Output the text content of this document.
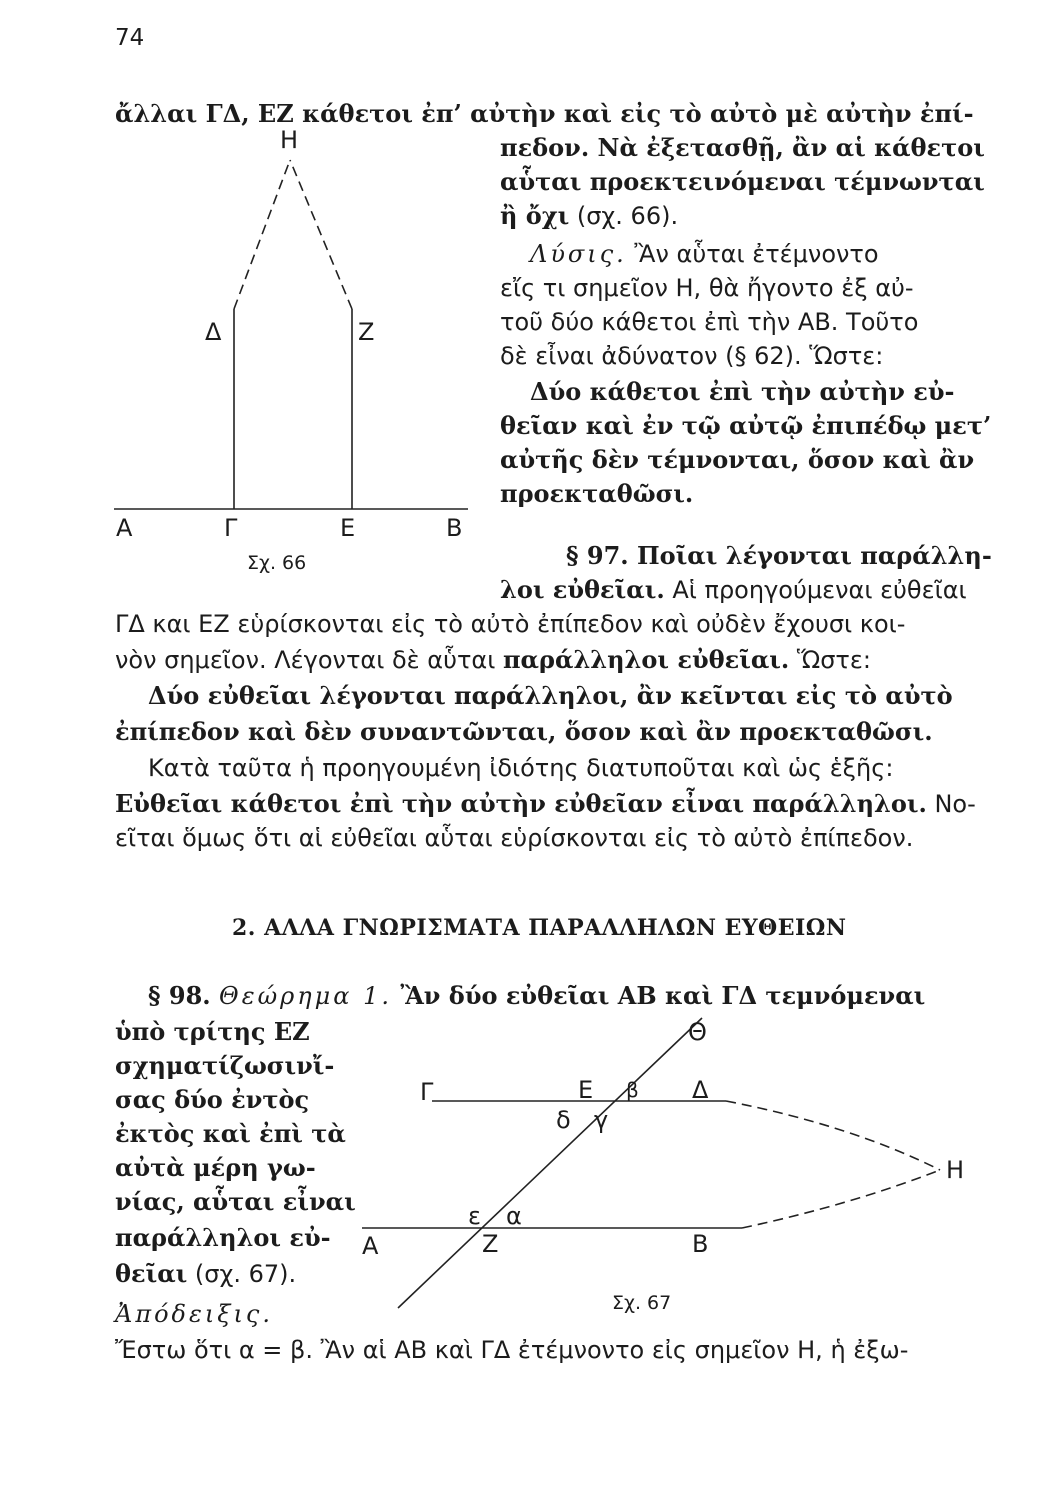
74
ἄλλαι ΓΔ, ΕΖ κάθετοι ἐπ’ αὐτὴν καὶ εἰς τὸ αὐτὸ μὲ αὐτὴν ἐπί-
πεδον. Νὰ ἐξετασθῇ, ἂν αἱ κάθετοι
αὗται προεκτεινόμεναι τέμνωνται
ἢ ὄχι (σχ. 66).
Λύσις. Ἂν αὗται ἐτέμνοντο
εἴς τι σημεῖον Η, θὰ ἤγοντο ἐξ αὐ-
τοῦ δύο κάθετοι ἐπὶ τὴν ΑΒ. Τοῦτο
δὲ εἶναι ἀδύνατον (§ 62). Ὥστε:
Δύο κάθετοι ἐπὶ τὴν αὐτὴν εὐ-
θεῖαν καὶ ἐν τῷ αὐτῷ ἐπιπέδῳ μετ’
αὐτῆς δὲν τέμνονται, ὅσον καὶ ἂν
προεκταθῶσι.
§ 97. Ποῖαι λέγονται παράλλη-
λοι εὐθεῖαι. Αἱ προηγούμεναι εὐθεῖαι
ΓΔ και ΕΖ εὑρίσκονται εἰς τὸ αὐτὸ ἐπίπεδον καὶ οὐδὲν ἔχουσι κοι-
νὸν σημεῖον. Λέγονται δὲ αὗται παράλληλοι εὐθεῖαι. Ὥστε:
Δύο εὐθεῖαι λέγονται παράλληλοι, ἂν κεῖνται εἰς τὸ αὐτὸ
ἐπίπεδον καὶ δὲν συναντῶνται, ὅσον καὶ ἂν προεκταθῶσι.
Κατὰ ταῦτα ἡ προηγουμένη ἰδιότης διατυποῦται καὶ ὡς ἑξῆς:
Εὐθεῖαι κάθετοι ἐπὶ τὴν αὐτὴν εὐθεῖαν εἶναι παράλληλοι. Νο-
εῖται ὅμως ὅτι αἱ εὐθεῖαι αὗται εὑρίσκονται εἰς τὸ αὐτὸ ἐπίπεδον.
2. ΑΛΛΑ ΓΝΩΡΙΣΜΑΤΑ ΠΑΡΑΛΛΗΛΩΝ ΕΥΘΕΙΩΝ
§ 98. Θεώρημα 1. Ἂν δύο εὐθεῖαι ΑΒ καὶ ΓΔ τεμνόμεναι
ὑπὸ τρίτης ΕΖ
σχηματίζωσινἴ-
σας δύο ἐντὸς
ἐκτὸς καὶ ἐπὶ τὰ
αὐτὰ μέρη γω-
νίας, αὗται εἶναι
παράλληλοι εὐ-
θεῖαι (σχ. 67).
Ἀπόδειξις.
Ἔστω ὅτι α = β. Ἂν αἱ ΑΒ καὶ ΓΔ ἐτέμνοντο εἰς σημεῖον Η, ἡ ἐξω-
Η
Δ	Ζ
Α	Γ	Ε	Β
Σχ. 66
Θ
Γ	Ε β Δ
δ γ
Η
ε α
Α	Ζ	Β
Σχ. 67
